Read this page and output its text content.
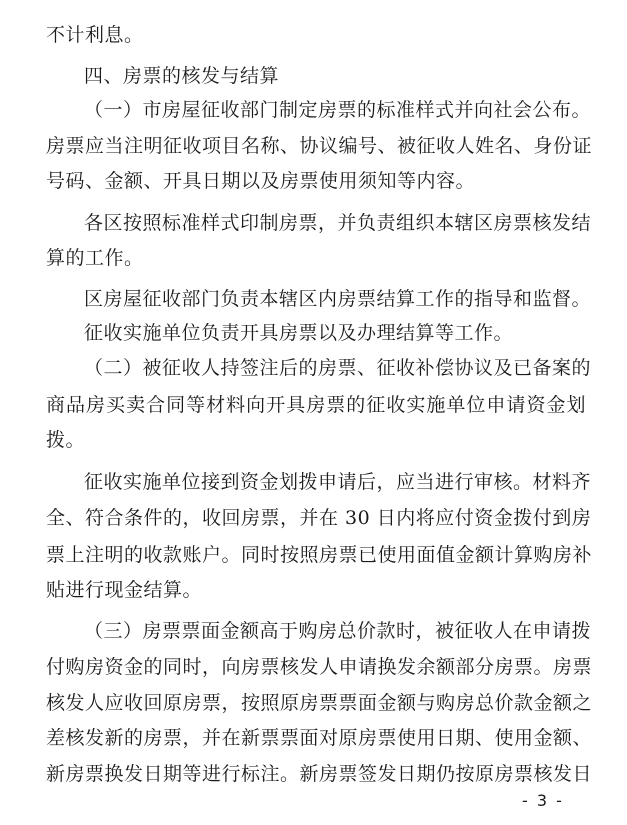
不计利息。
四、房票的核发与结算
（一）市房屋征收部门制定房票的标准样式并向社会公布。
房票应当注明征收项目名称、协议编号、被征收人姓名、身份证
号码、金额、开具日期以及房票使用须知等内容。
各区按照标准样式印制房票，并负责组织本辖区房票核发结
算的工作。
区房屋征收部门负责本辖区内房票结算工作的指导和监督。
征收实施单位负责开具房票以及办理结算等工作。
（二）被征收人持签注后的房票、征收补偿协议及已备案的
商品房买卖合同等材料向开具房票的征收实施单位申请资金划
拨。
征收实施单位接到资金划拨申请后，应当进行审核。材料齐
全、符合条件的，收回房票，并在 30 日内将应付资金拨付到房
票上注明的收款账户。同时按照房票已使用面值金额计算购房补
贴进行现金结算。
（三）房票票面金额高于购房总价款时，被征收人在申请拨
付购房资金的同时，向房票核发人申请换发余额部分房票。房票
核发人应收回原房票，按照原房票票面金额与购房总价款金额之
差核发新的房票，并在新票票面对原房票使用日期、使用金额、
新房票换发日期等进行标注。新房票签发日期仍按原房票核发日
- 3 -
